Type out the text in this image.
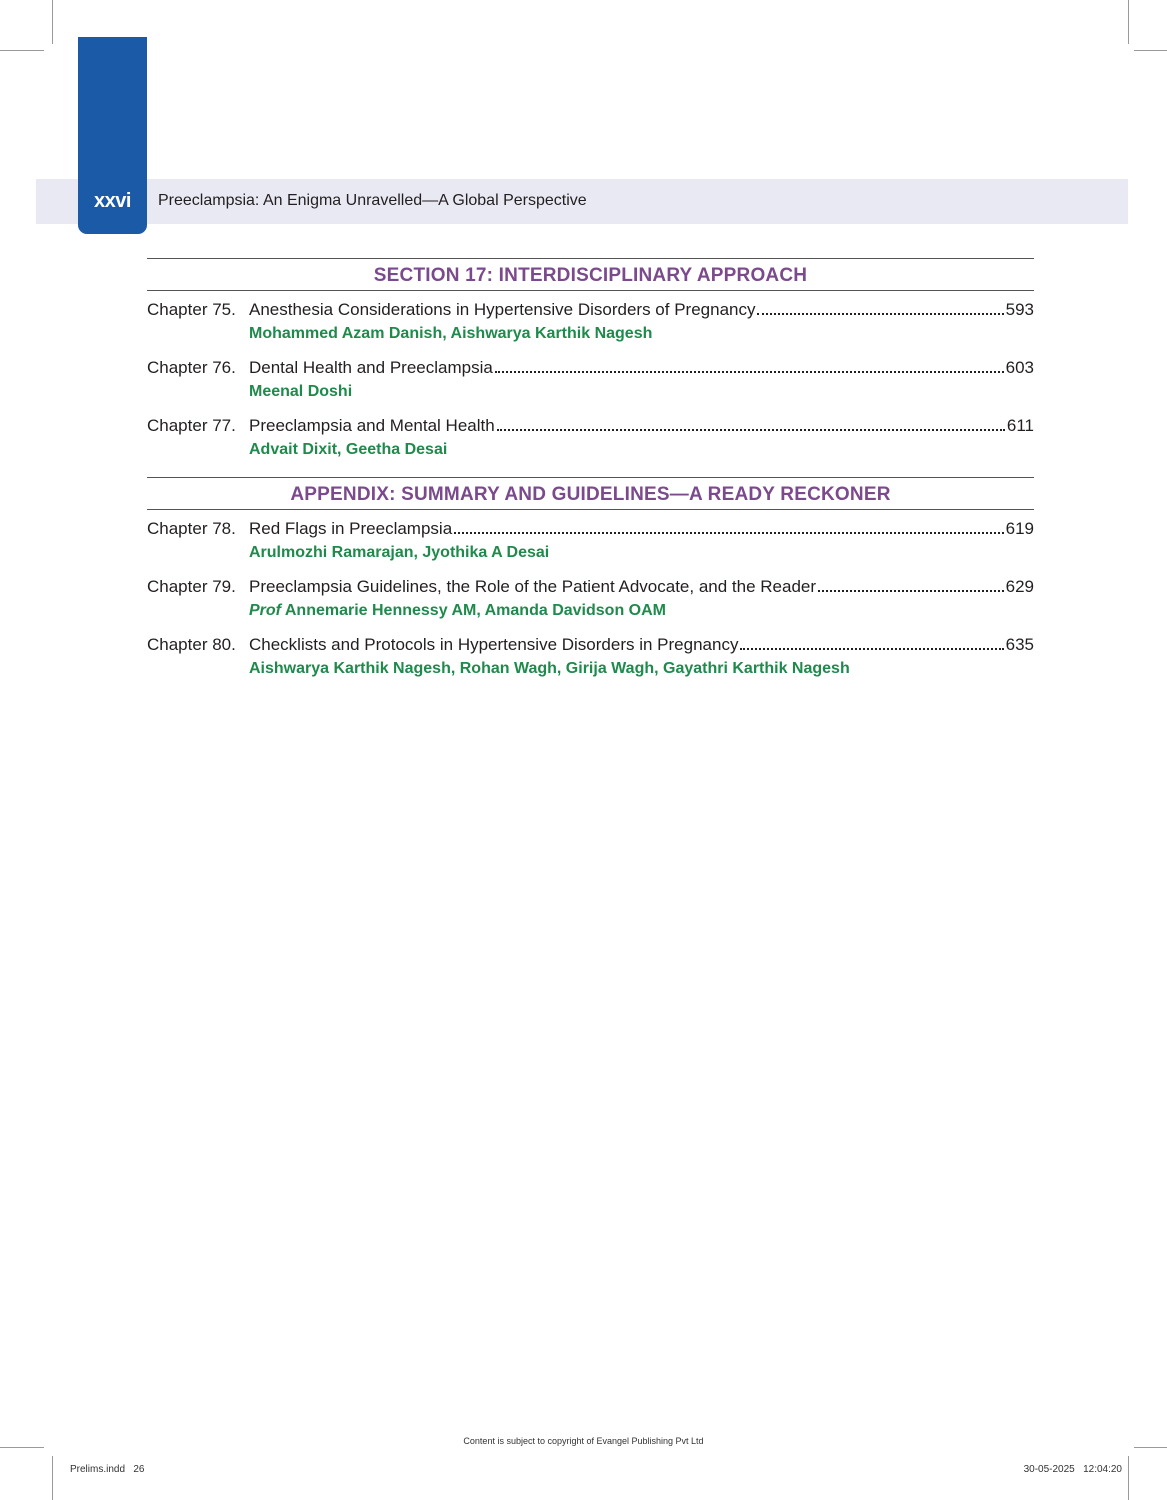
xxvi	Preeclampsia: An Enigma Unravelled—A Global Perspective
SECTION 17: INTERDISCIPLINARY APPROACH
Chapter 75. Anesthesia Considerations in Hypertensive Disorders of Pregnancy	593
Mohammed Azam Danish, Aishwarya Karthik Nagesh
Chapter 76. Dental Health and Preeclampsia	603
Meenal Doshi
Chapter 77. Preeclampsia and Mental Health	611
Advait Dixit, Geetha Desai
APPENDIX: SUMMARY AND GUIDELINES—A READY RECKONER
Chapter 78. Red Flags in Preeclampsia	619
Arulmozhi Ramarajan, Jyothika A Desai
Chapter 79. Preeclampsia Guidelines, the Role of the Patient Advocate, and the Reader	629
Prof Annemarie Hennessy AM, Amanda Davidson OAM
Chapter 80. Checklists and Protocols in Hypertensive Disorders in Pregnancy	635
Aishwarya Karthik Nagesh, Rohan Wagh, Girija Wagh, Gayathri Karthik Nagesh
Content is subject to copyright of Evangel Publishing Pvt Ltd
Prelims.indd   26	30-05-2025   12:04:20
